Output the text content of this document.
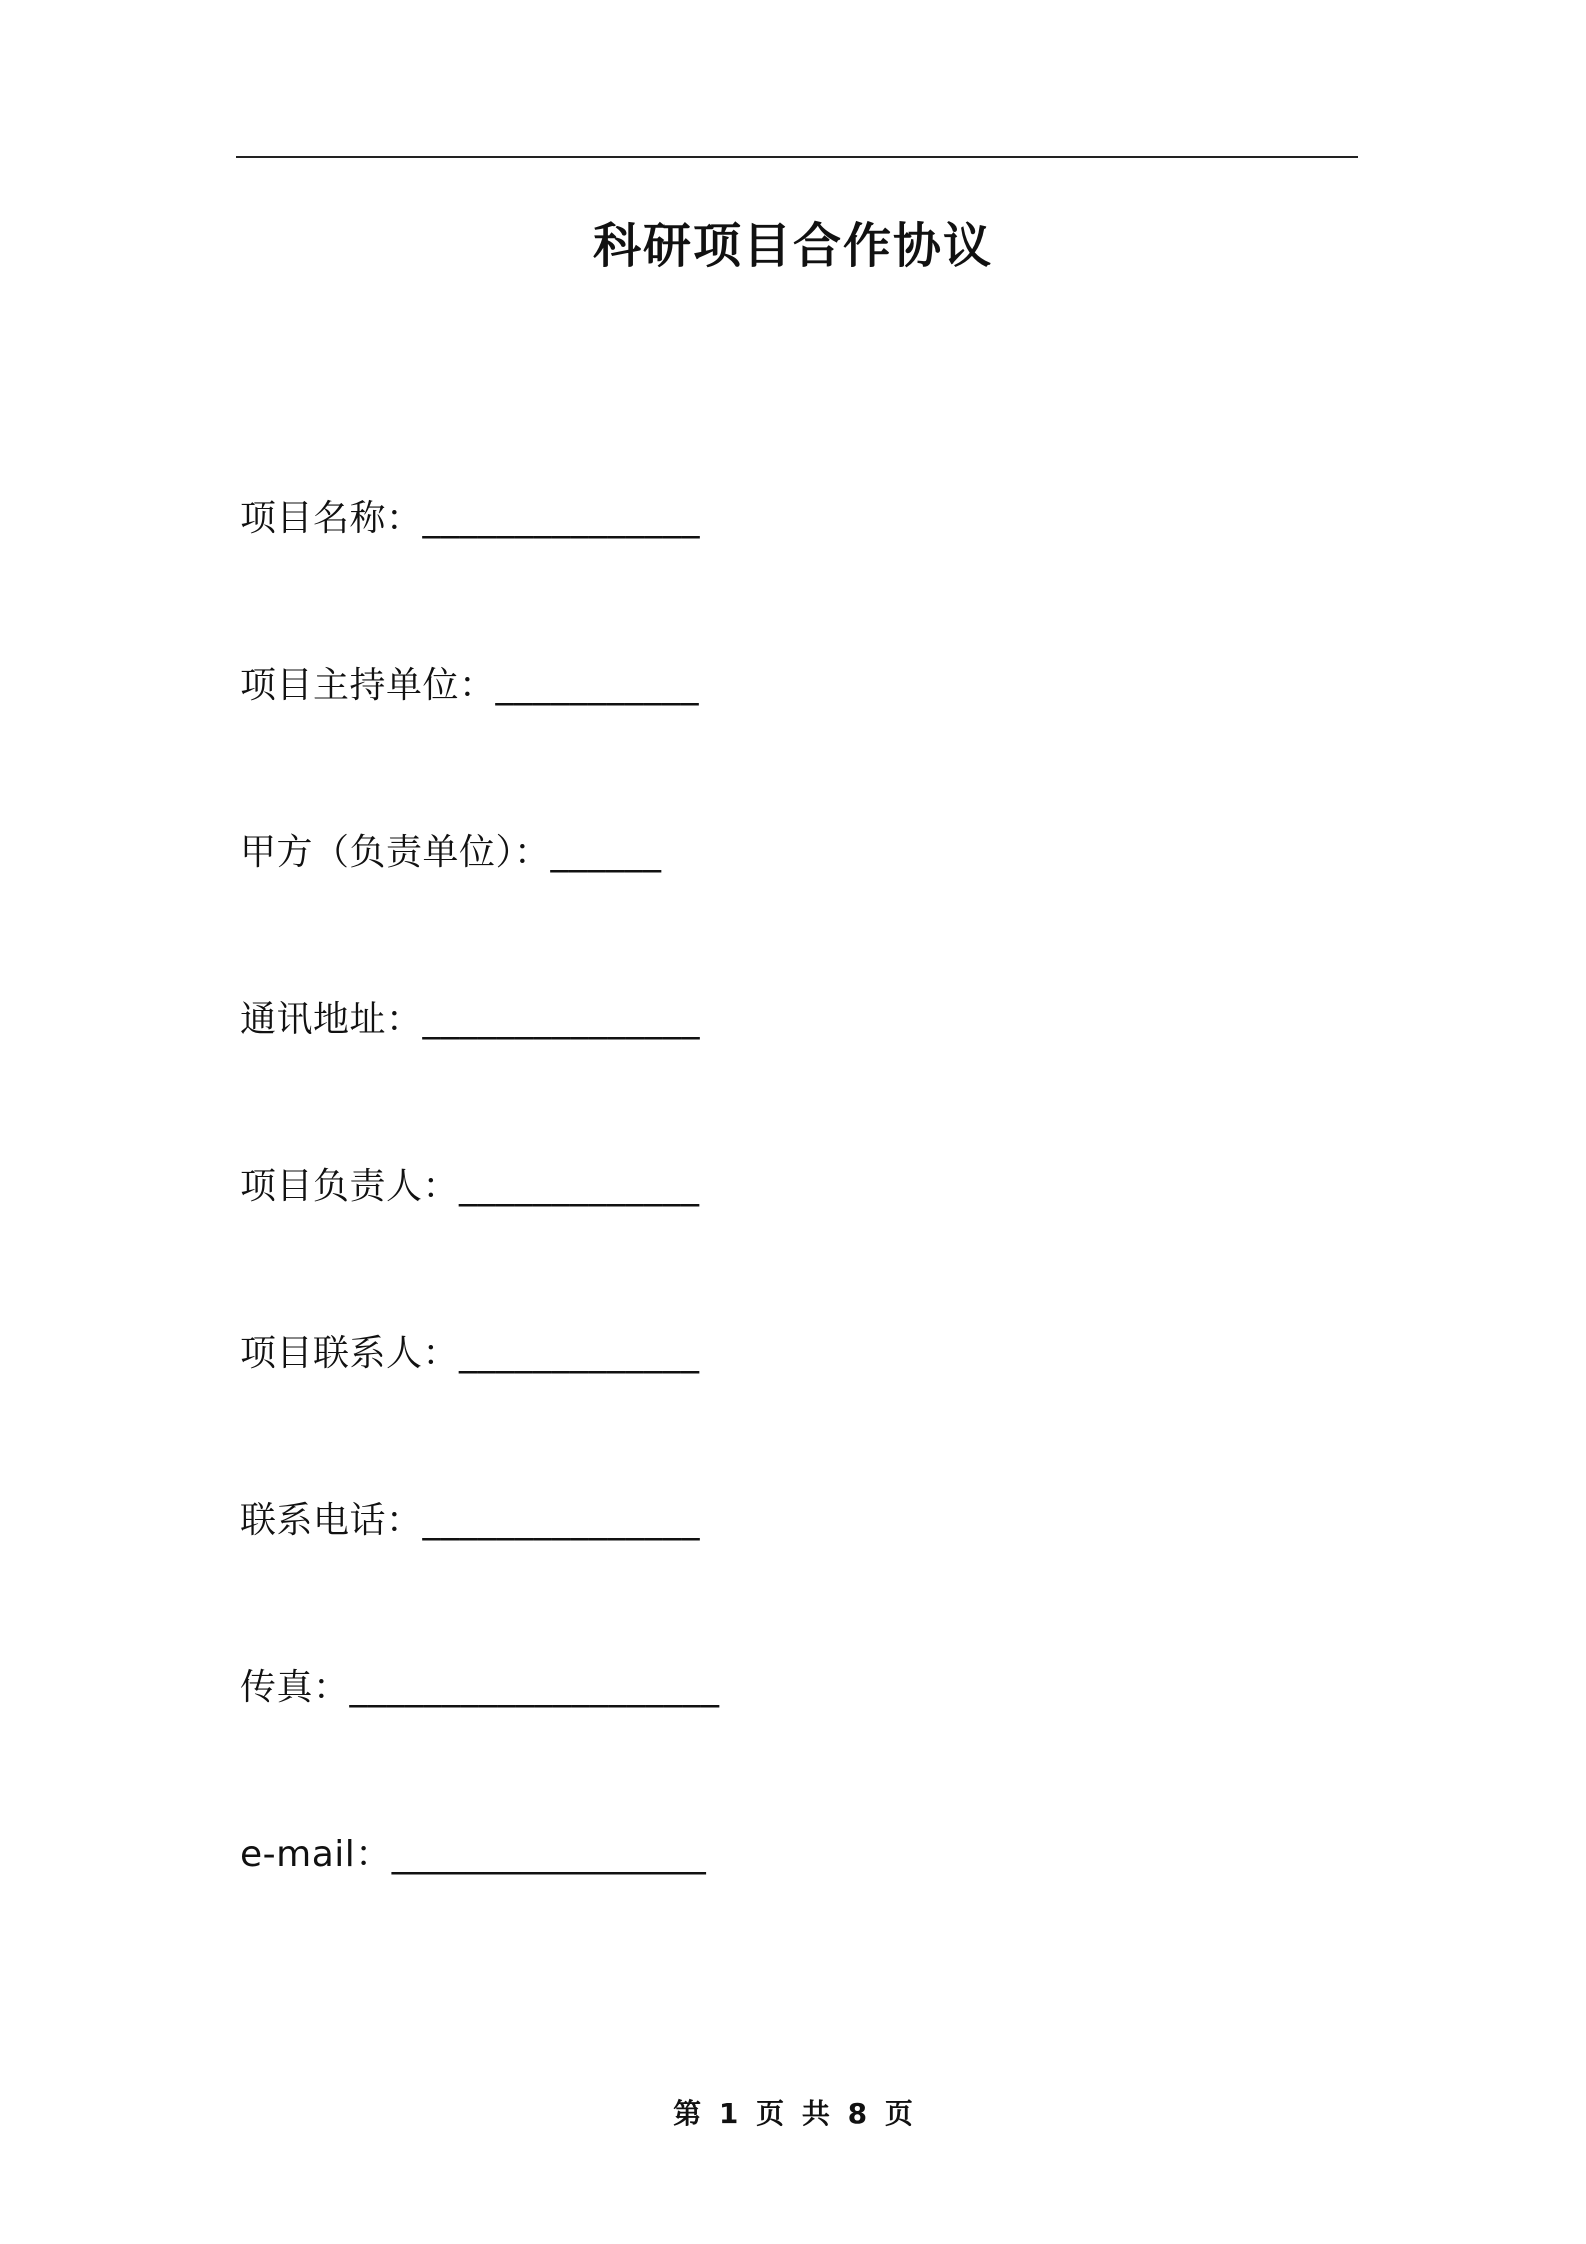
科研项目合作协议
项目名称：_______________
项目主持单位：___________
甲方（负责单位）：______
通讯地址：_______________
项目负责人：_____________
项目联系人：_____________
联系电话：_______________
传真：____________________
e-mail：_________________
第 1 页 共 8 页
